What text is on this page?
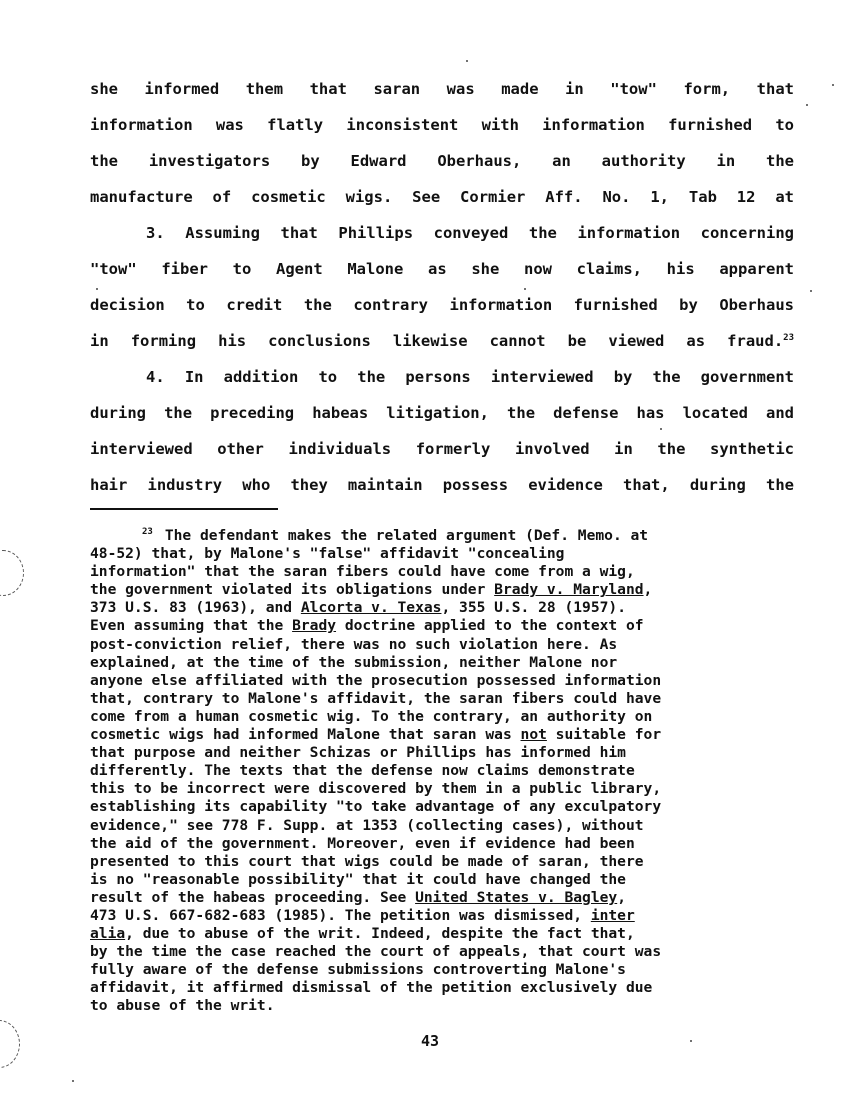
she informed them that saran was made in "tow" form, that
information was flatly inconsistent with information furnished to
the investigators by Edward Oberhaus, an authority in the
manufacture of cosmetic wigs. See Cormier Aff. No. 1, Tab 12 at
3. Assuming that Phillips conveyed the information concerning
"tow" fiber to Agent Malone as she now claims, his apparent
decision to credit the contrary information furnished by Oberhaus
in forming his conclusions likewise cannot be viewed as fraud.$^{23}$
4. In addition to the persons interviewed by the government
during the preceding habeas litigation, the defense has located and
interviewed other individuals formerly involved in the synthetic
hair industry who they maintain possess evidence that, during the
$^{23}$ The defendant makes the related argument (Def. Memo. at
48-52) that, by Malone's "false" affidavit "concealing
information" that the saran fibers could have come from a wig,
the government violated its obligations under Brady v. Maryland,
373 U.S. 83 (1963), and Alcorta v. Texas, 355 U.S. 28 (1957).
Even assuming that the Brady doctrine applied to the context of
post-conviction relief, there was no such violation here. As
explained, at the time of the submission, neither Malone nor
anyone else affiliated with the prosecution possessed information
that, contrary to Malone's affidavit, the saran fibers could have
come from a human cosmetic wig. To the contrary, an authority on
cosmetic wigs had informed Malone that saran was not suitable for
that purpose and neither Schizas or Phillips has informed him
differently. The texts that the defense now claims demonstrate
this to be incorrect were discovered by them in a public library,
establishing its capability "to take advantage of any exculpatory
evidence," see 778 F. Supp. at 1353 (collecting cases), without
the aid of the government. Moreover, even if evidence had been
presented to this court that wigs could be made of saran, there
is no "reasonable possibility" that it could have changed the
result of the habeas proceeding. See United States v. Bagley,
473 U.S. 667-682-683 (1985). The petition was dismissed, inter
alia, due to abuse of the writ. Indeed, despite the fact that,
by the time the case reached the court of appeals, that court was
fully aware of the defense submissions controverting Malone's
affidavit, it affirmed dismissal of the petition exclusively due
to abuse of the writ.
43
